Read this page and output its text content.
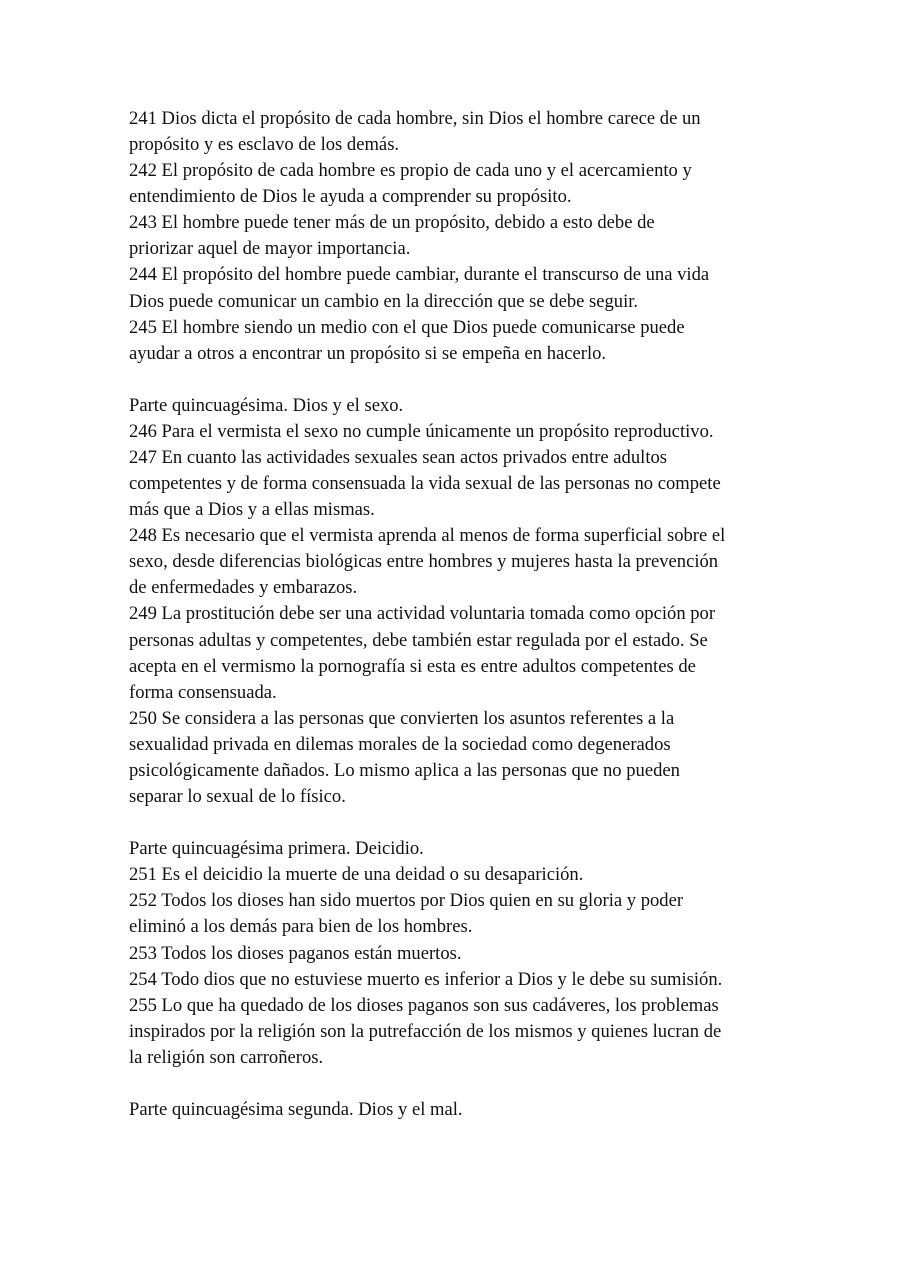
241 Dios dicta el propósito de cada hombre, sin Dios el hombre carece de un
propósito y es esclavo de los demás.
242 El propósito de cada hombre es propio de cada uno y el acercamiento y
entendimiento de Dios le ayuda a comprender su propósito.
243 El hombre puede tener más de un propósito, debido a esto debe de
priorizar aquel de mayor importancia.
244 El propósito del hombre puede cambiar, durante el transcurso de una vida
Dios puede comunicar un cambio en la dirección que se debe seguir.
245 El hombre siendo un medio con el que Dios puede comunicarse puede
ayudar a otros a encontrar un propósito si se empeña en hacerlo.
Parte quincuagésima. Dios y el sexo.
246 Para el vermista el sexo no cumple únicamente un propósito reproductivo.
247 En cuanto las actividades sexuales sean actos privados entre adultos
competentes y de forma consensuada la vida sexual de las personas no compete
más que a Dios y a ellas mismas.
248 Es necesario que el vermista aprenda al menos de forma superficial sobre el
sexo, desde diferencias biológicas entre hombres y mujeres hasta la prevención
de enfermedades y embarazos.
249 La prostitución debe ser una actividad voluntaria tomada como opción por
personas adultas y competentes, debe también estar regulada por el estado. Se
acepta en el vermismo la pornografía si esta es entre adultos competentes de
forma consensuada.
250 Se considera a las personas que convierten los asuntos referentes a la
sexualidad privada en dilemas morales de la sociedad como degenerados
psicológicamente dañados. Lo mismo aplica a las personas que no pueden
separar lo sexual de lo físico.
Parte quincuagésima primera. Deicidio.
251 Es el deicidio la muerte de una deidad o su desaparición.
252 Todos los dioses han sido muertos por Dios quien en su gloria y poder
eliminó a los demás para bien de los hombres.
253 Todos los dioses paganos están muertos.
254 Todo dios que no estuviese muerto es inferior a Dios y le debe su sumisión.
255 Lo que ha quedado de los dioses paganos son sus cadáveres, los problemas
inspirados por la religión son la putrefacción de los mismos y quienes lucran de
la religión son carroñeros.
Parte quincuagésima segunda. Dios y el mal.
